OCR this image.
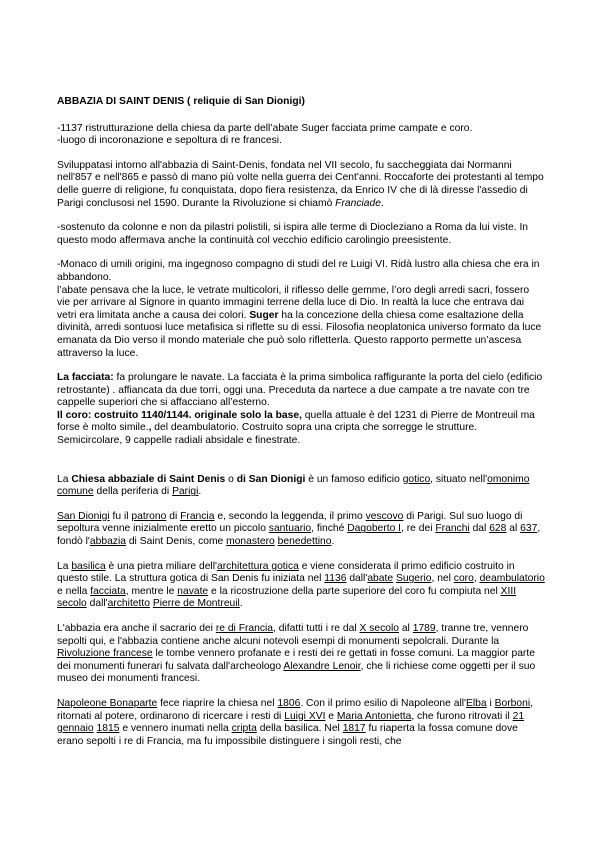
ABBAZIA DI SAINT DENIS ( reliquie di San Dionigi)

-1137 ristrutturazione della chiesa da parte dell’abate Suger facciata prime campate e coro.

-luogo di incoronazione e sepoltura di re francesi.

Sviluppatasi intorno all'abbazia di Saint-Denis, fondata nel VII secolo, fu saccheggiata dai Normanni nell'857 e nell'865 e passò di mano più volte nella guerra dei Cent'anni. Roccaforte dei protestanti al tempo delle guerre di religione, fu conquistata, dopo fiera resistenza, da Enrico IV che di là diresse l'assedio di Parigi conclusosi nel 1590. Durante la Rivoluzione si chiamò Franciade.

-sostenuto da colonne e non da pilastri polistili, si ispira alle terme di Diocleziano a Roma da lui viste. In questo modo affermava anche la continuità col vecchio edificio carolingio preesistente.

-Monaco di umili origini, ma ingegnoso compagno di studi del re Luigi VI. Ridà lustro alla chiesa che era in abbandono.

l’abate pensava che la luce, le vetrate multicolori, il riflesso delle gemme, l’oro degli arredi sacri, fossero vie per arrivare al Signore in quanto immagini terrene della luce di Dio. In realtà la luce che entrava dai vetri era limitata anche a causa dei colori. Suger ha la concezione della chiesa come esaltazione della divinità, arredi sontuosi luce metafisica si riflette su di essi. Filosofia neoplatonica universo formato da luce emanata da Dio verso il mondo materiale che può solo rifletterla. Questo rapporto permette un’ascesa attraverso la luce.

La facciata: fa prolungare le navate. La facciata è la prima simbolica raffigurante la porta del cielo (edificio retrostante) . affiancata da due torri, oggi una. Preceduta da nartece a due campate a tre navate con tre cappelle superiori che si affacciano all’esterno.

Il coro: costruito 1140/1144. originale solo la base, quella attuale è del 1231 di Pierre de Montreuil ma forse è molto simile., del deambulatorio. Costruito sopra una cripta che sorregge le strutture. Semicircolare, 9 cappelle radiali absidale e finestrate.

La Chiesa abbaziale di Saint Denis o di San Dionigi è un famoso edificio gotico, situato nell'omonimo comune della periferia di Parigi.

San Dionigi fu il patrono di Francia e, secondo la leggenda, il primo vescovo di Parigi. Sul suo luogo di sepoltura venne inizialmente eretto un piccolo santuario, finché Dagoberto I, re dei Franchi dal 628 al 637, fondò l'abbazia di Saint Denis, come monastero benedettino.

La basilica è una pietra miliare dell'architettura gotica e viene considerata il primo edificio costruito in questo stile. La struttura gotica di San Denis fu iniziata nel 1136 dall'abate Sugerio, nel coro, deambulatorio e nella facciata, mentre le navate e la ricostruzione della parte superiore del coro fu compiuta nel XIII secolo dall'architetto Pierre de Montreuil.

L'abbazia era anche il sacrario dei re di Francia, difatti tutti i re dal X secolo al 1789, tranne tre, vennero sepolti qui, e l'abbazia contiene anche alcuni notevoli esempi di monumenti sepolcrali. Durante la Rivoluzione francese le tombe vennero profanate e i resti dei re gettati in fosse comuni. La maggior parte dei monumenti funerari fu salvata dall'archeologo Alexandre Lenoir, che li richiese come oggetti per il suo museo dei monumenti francesi.

Napoleone Bonaparte fece riaprire la chiesa nel 1806. Con il primo esilio di Napoleone all'Elba i Borboni, ritornati al potere, ordinarono di ricercare i resti di Luigi XVI e Maria Antonietta, che furono ritrovati il 21 gennaio 1815 e vennero inumati nella cripta della basilica. Nel 1817 fu riaperta la fossa comune dove erano sepolti i re di Francia, ma fu impossibile distinguere i singoli resti, che
